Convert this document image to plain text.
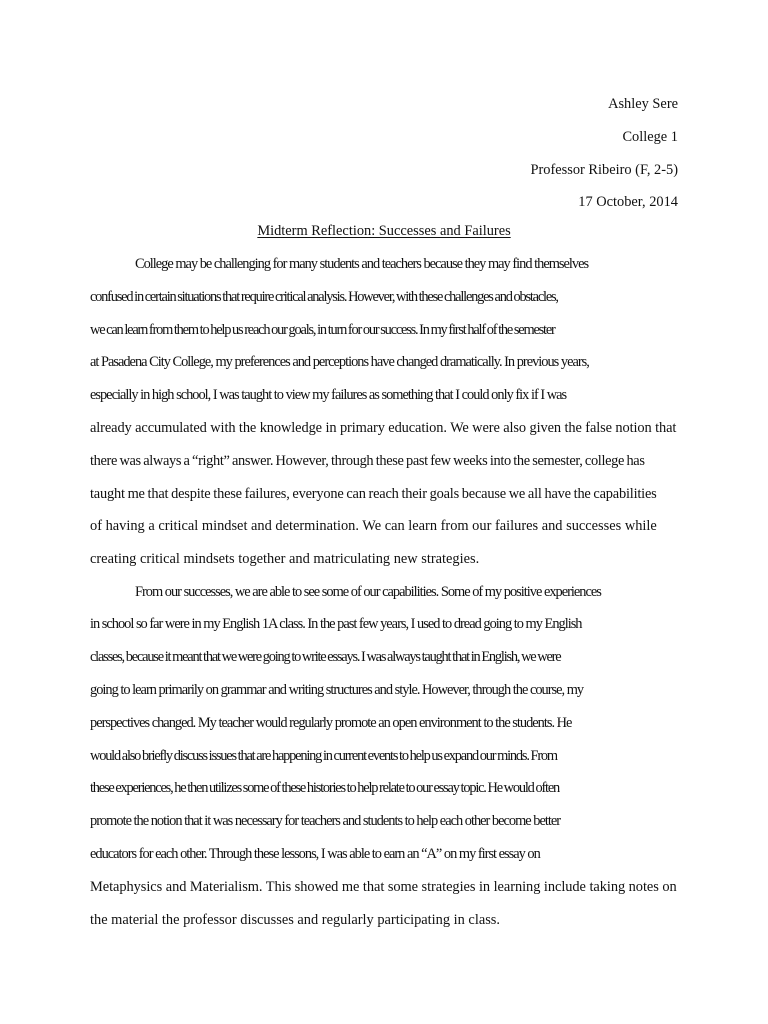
Ashley Sere
College 1
Professor Ribeiro (F, 2-5)
17 October, 2014
Midterm Reflection: Successes and Failures
College may be challenging for many students and teachers because they may find themselves
confused in certain situations that require critical analysis. However, with these challenges and obstacles,
we can learn from them to help us reach our goals, in turn for our success. In my first half of the semester
at Pasadena City College, my preferences and perceptions have changed dramatically. In previous years,
especially in high school, I was taught to view my failures as something that I could only fix if I was
already accumulated with the knowledge in primary education. We were also given the false notion that
there was always a “right” answer. However, through these past few weeks into the semester, college has
taught me that despite these failures, everyone can reach their goals because we all have the capabilities
of having a critical mindset and determination. We can learn from our failures and successes while
creating critical mindsets together and matriculating new strategies.
From our successes, we are able to see some of our capabilities. Some of my positive experiences
in school so far were in my English 1A class. In the past few years, I used to dread going to my English
classes, because it meant that we were going to write essays. I was always taught that in English, we were
going to learn primarily on grammar and writing structures and style. However, through the course, my
perspectives changed. My teacher would regularly promote an open environment to the students. He
would also briefly discuss issues that are happening in current events to help us expand our minds. From
these experiences, he then utilizes some of these histories to help relate to our essay topic. He would often
promote the notion that it was necessary for teachers and students to help each other become better
educators for each other. Through these lessons, I was able to earn an “A” on my first essay on
Metaphysics and Materialism. This showed me that some strategies in learning include taking notes on
the material the professor discusses and regularly participating in class.
